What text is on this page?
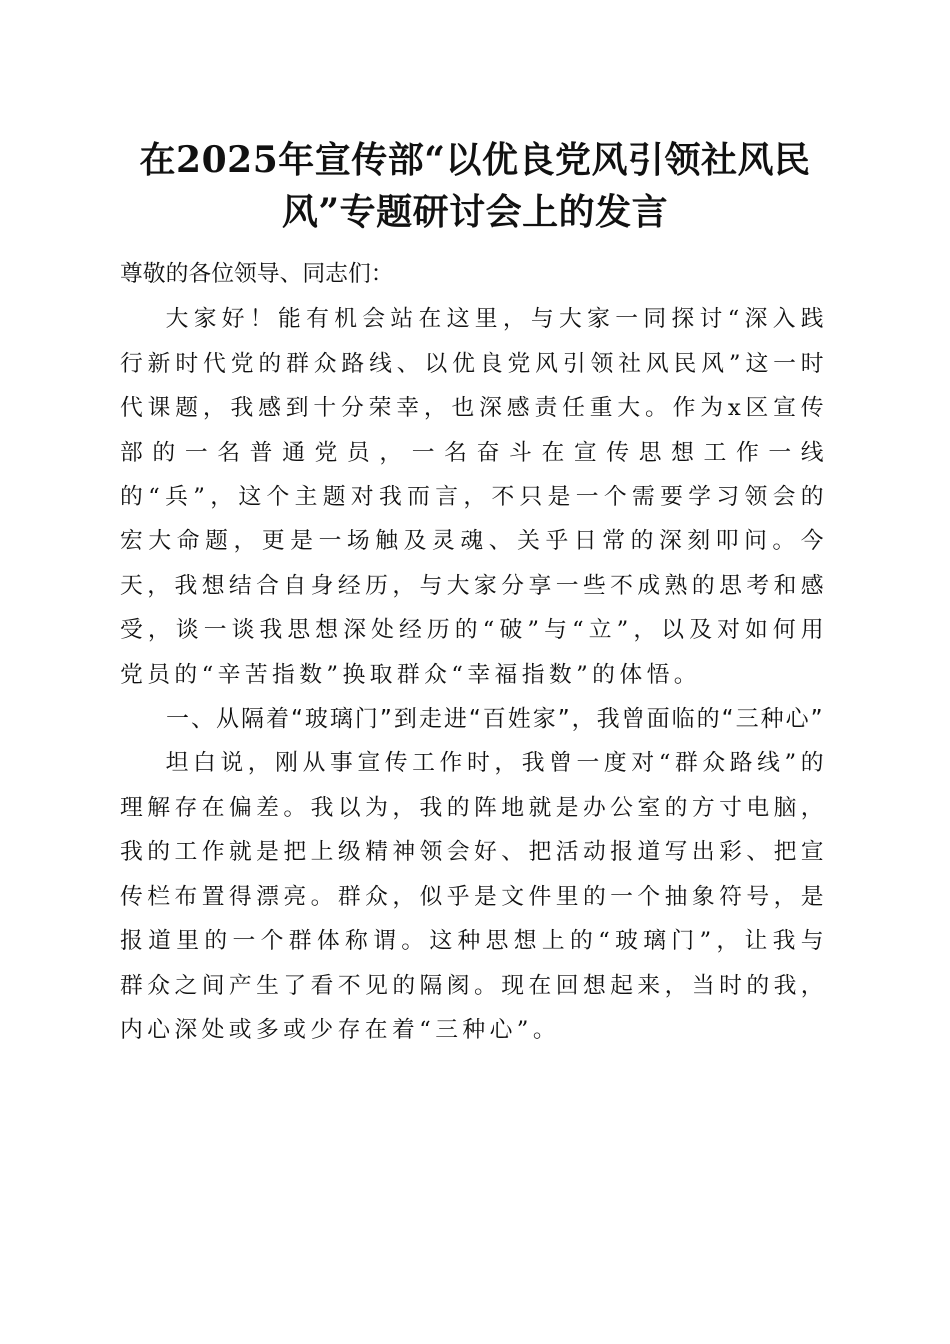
在2025年宣传部“以优良党风引领社风民风”专题研讨会上的发言

尊敬的各位领导、同志们：

大家好！能有机会站在这里，与大家一同探讨“深入践行新时代党的群众路线、以优良党风引领社风民风”这一时代课题，我感到十分荣幸，也深感责任重大。作为x区宣传部的一名普通党员，一名奋斗在宣传思想工作一线的“兵”，这个主题对我而言，不只是一个需要学习领会的宏大命题，更是一场触及灵魂、关乎日常的深刻叩问。今天，我想结合自身经历，与大家分享一些不成熟的思考和感受，谈一谈我思想深处经历的“破”与“立”，以及对如何用党员的“辛苦指数”换取群众“幸福指数”的体悟。

一、从隔着“玻璃门”到走进“百姓家”，我曾面临的“三种心”

坦白说，刚从事宣传工作时，我曾一度对“群众路线”的理解存在偏差。我以为，我的阵地就是办公室的方寸电脑，我的工作就是把上级精神领会好、把活动报道写出彩、把宣传栏布置得漂亮。群众，似乎是文件里的一个抽象符号，是报道里的一个群体称谓。这种思想上的“玻璃门”，让我与群众之间产生了看不见的隔阂。现在回想起来，当时的我，内心深处或多或少存在着“三种心”。
